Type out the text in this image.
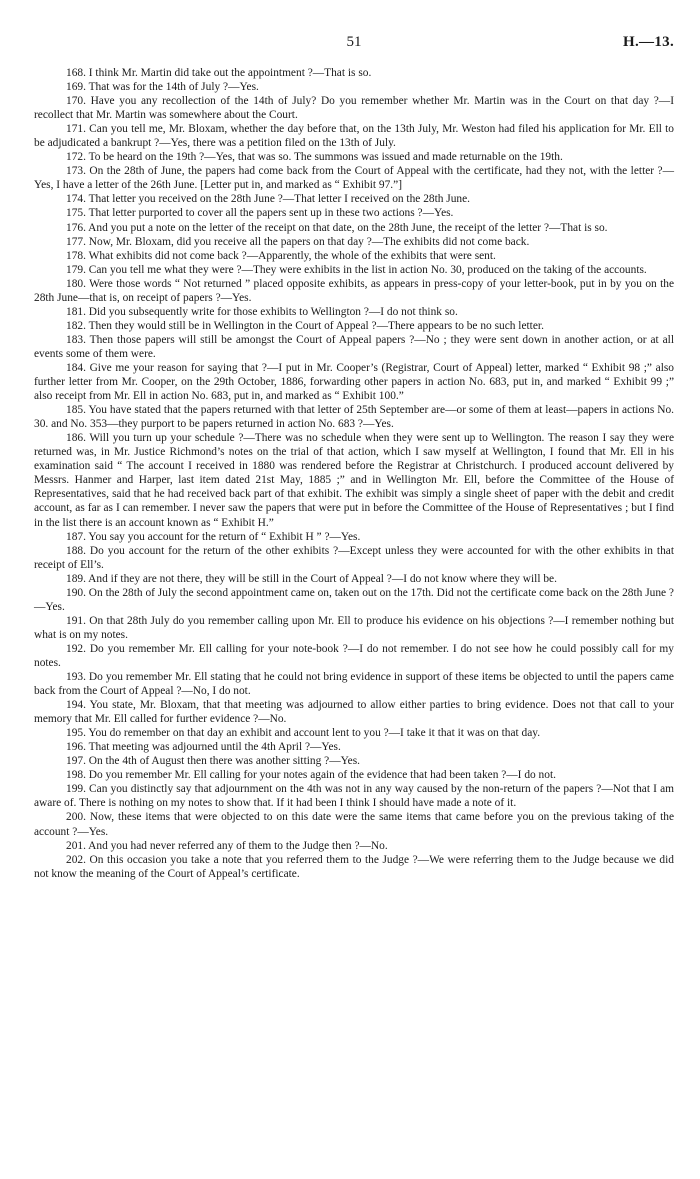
51	H.—13.

168. I think Mr. Martin did take out the appointment ?—That is so.

169. That was for the 14th of July ?—Yes.

170. Have you any recollection of the 14th of July? Do you remember whether Mr. Martin was in the Court on that day ?—I recollect that Mr. Martin was somewhere about the Court.

171. Can you tell me, Mr. Bloxam, whether the day before that, on the 13th July, Mr. Weston had filed his application for Mr. Ell to be adjudicated a bankrupt ?—Yes, there was a petition filed on the 13th of July.

172. To be heard on the 19th ?—Yes, that was so. The summons was issued and made returnable on the 19th.

173. On the 28th of June, the papers had come back from the Court of Appeal with the certificate, had they not, with the letter ?—Yes, I have a letter of the 26th June. [Letter put in, and marked as “ Exhibit 97.”]

174. That letter you received on the 28th June ?—That letter I received on the 28th June.

175. That letter purported to cover all the papers sent up in these two actions ?—Yes.

176. And you put a note on the letter of the receipt on that date, on the 28th June, the receipt of the letter ?—That is so.

177. Now, Mr. Bloxam, did you receive all the papers on that day ?—The exhibits did not come back.

178. What exhibits did not come back ?—Apparently, the whole of the exhibits that were sent.

179. Can you tell me what they were ?—They were exhibits in the list in action No. 30, produced on the taking of the accounts.

180. Were those words “ Not returned ” placed opposite exhibits, as appears in press-copy of your letter-book, put in by you on the 28th June—that is, on receipt of papers ?—Yes.

181. Did you subsequently write for those exhibits to Wellington ?—I do not think so.

182. Then they would still be in Wellington in the Court of Appeal ?—There appears to be no such letter.

183. Then those papers will still be amongst the Court of Appeal papers ?—No ; they were sent down in another action, or at all events some of them were.

184. Give me your reason for saying that ?—I put in Mr. Cooper’s (Registrar, Court of Appeal) letter, marked “ Exhibit 98 ;” also further letter from Mr. Cooper, on the 29th October, 1886, forwarding other papers in action No. 683, put in, and marked “ Exhibit 99 ;” also receipt from Mr. Ell in action No. 683, put in, and marked as “ Exhibit 100.”

185. You have stated that the papers returned with that letter of 25th September are—or some of them at least—papers in actions No. 30. and No. 353—they purport to be papers returned in action No. 683 ?—Yes.

186. Will you turn up your schedule ?—There was no schedule when they were sent up to Wellington. The reason I say they were returned was, in Mr. Justice Richmond’s notes on the trial of that action, which I saw myself at Wellington, I found that Mr. Ell in his examination said “ The account I received in 1880 was rendered before the Registrar at Christchurch. I produced account delivered by Messrs. Hanmer and Harper, last item dated 21st May, 1885 ;” and in Wellington Mr. Ell, before the Committee of the House of Representatives, said that he had received back part of that exhibit. The exhibit was simply a single sheet of paper with the debit and credit account, as far as I can remember. I never saw the papers that were put in before the Committee of the House of Representatives ; but I find in the list there is an account known as “ Exhibit H.”

187. You say you account for the return of “ Exhibit H ” ?—Yes.

188. Do you account for the return of the other exhibits ?—Except unless they were accounted for with the other exhibits in that receipt of Ell’s.

189. And if they are not there, they will be still in the Court of Appeal ?—I do not know where they will be.

190. On the 28th of July the second appointment came on, taken out on the 17th. Did not the certificate come back on the 28th June ?—Yes.

191. On that 28th July do you remember calling upon Mr. Ell to produce his evidence on his objections ?—I remember nothing but what is on my notes.

192. Do you remember Mr. Ell calling for your note-book ?—I do not remember. I do not see how he could possibly call for my notes.

193. Do you remember Mr. Ell stating that he could not bring evidence in support of these items be objected to until the papers came back from the Court of Appeal ?—No, I do not.

194. You state, Mr. Bloxam, that that meeting was adjourned to allow either parties to bring evidence. Does not that call to your memory that Mr. Ell called for further evidence ?—No.

195. You do remember on that day an exhibit and account lent to you ?—I take it that it was on that day.

196. That meeting was adjourned until the 4th April ?—Yes.

197. On the 4th of August then there was another sitting ?—Yes.

198. Do you remember Mr. Ell calling for your notes again of the evidence that had been taken ?—I do not.

199. Can you distinctly say that adjournment on the 4th was not in any way caused by the non-return of the papers ?—Not that I am aware of. There is nothing on my notes to show that. If it had been I think I should have made a note of it.

200. Now, these items that were objected to on this date were the same items that came before you on the previous taking of the account ?—Yes.

201. And you had never referred any of them to the Judge then ?—No.

202. On this occasion you take a note that you referred them to the Judge ?—We were referring them to the Judge because we did not know the meaning of the Court of Appeal’s certificate.
